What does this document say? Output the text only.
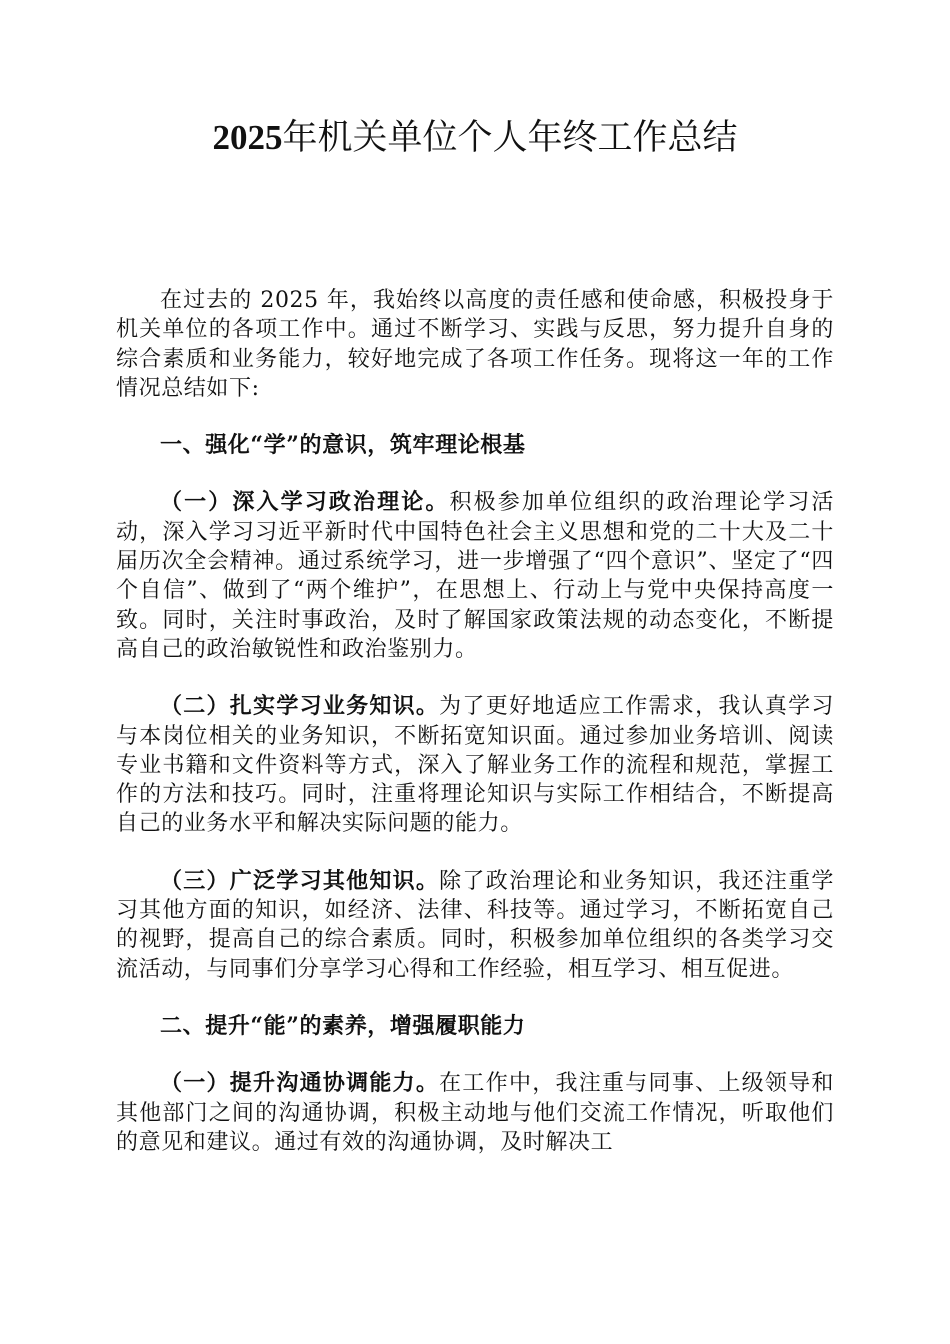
2025年机关单位个人年终工作总结

在过去的 2025 年，我始终以高度的责任感和使命感，积极投身于机关单位的各项工作中。通过不断学习、实践与反思，努力提升自身的综合素质和业务能力，较好地完成了各项工作任务。现将这一年的工作情况总结如下:

一、强化“学”的意识，筑牢理论根基

（一）深入学习政治理论。积极参加单位组织的政治理论学习活动，深入学习习近平新时代中国特色社会主义思想和党的二十大及二十届历次全会精神。通过系统学习，进一步增强了“四个意识”、坚定了“四个自信”、做到了“两个维护”，在思想上、行动上与党中央保持高度一致。同时，关注时事政治，及时了解国家政策法规的动态变化，不断提高自己的政治敏锐性和政治鉴别力。

（二）扎实学习业务知识。为了更好地适应工作需求，我认真学习与本岗位相关的业务知识，不断拓宽知识面。通过参加业务培训、阅读专业书籍和文件资料等方式，深入了解业务工作的流程和规范，掌握工作的方法和技巧。同时，注重将理论知识与实际工作相结合，不断提高自己的业务水平和解决实际问题的能力。

（三）广泛学习其他知识。除了政治理论和业务知识，我还注重学习其他方面的知识，如经济、法律、科技等。通过学习，不断拓宽自己的视野，提高自己的综合素质。同时，积极参加单位组织的各类学习交流活动，与同事们分享学习心得和工作经验，相互学习、相互促进。

二、提升“能”的素养，增强履职能力

（一）提升沟通协调能力。在工作中，我注重与同事、上级领导和其他部门之间的沟通协调，积极主动地与他们交流工作情况，听取他们的意见和建议。通过有效的沟通协调，及时解决工
